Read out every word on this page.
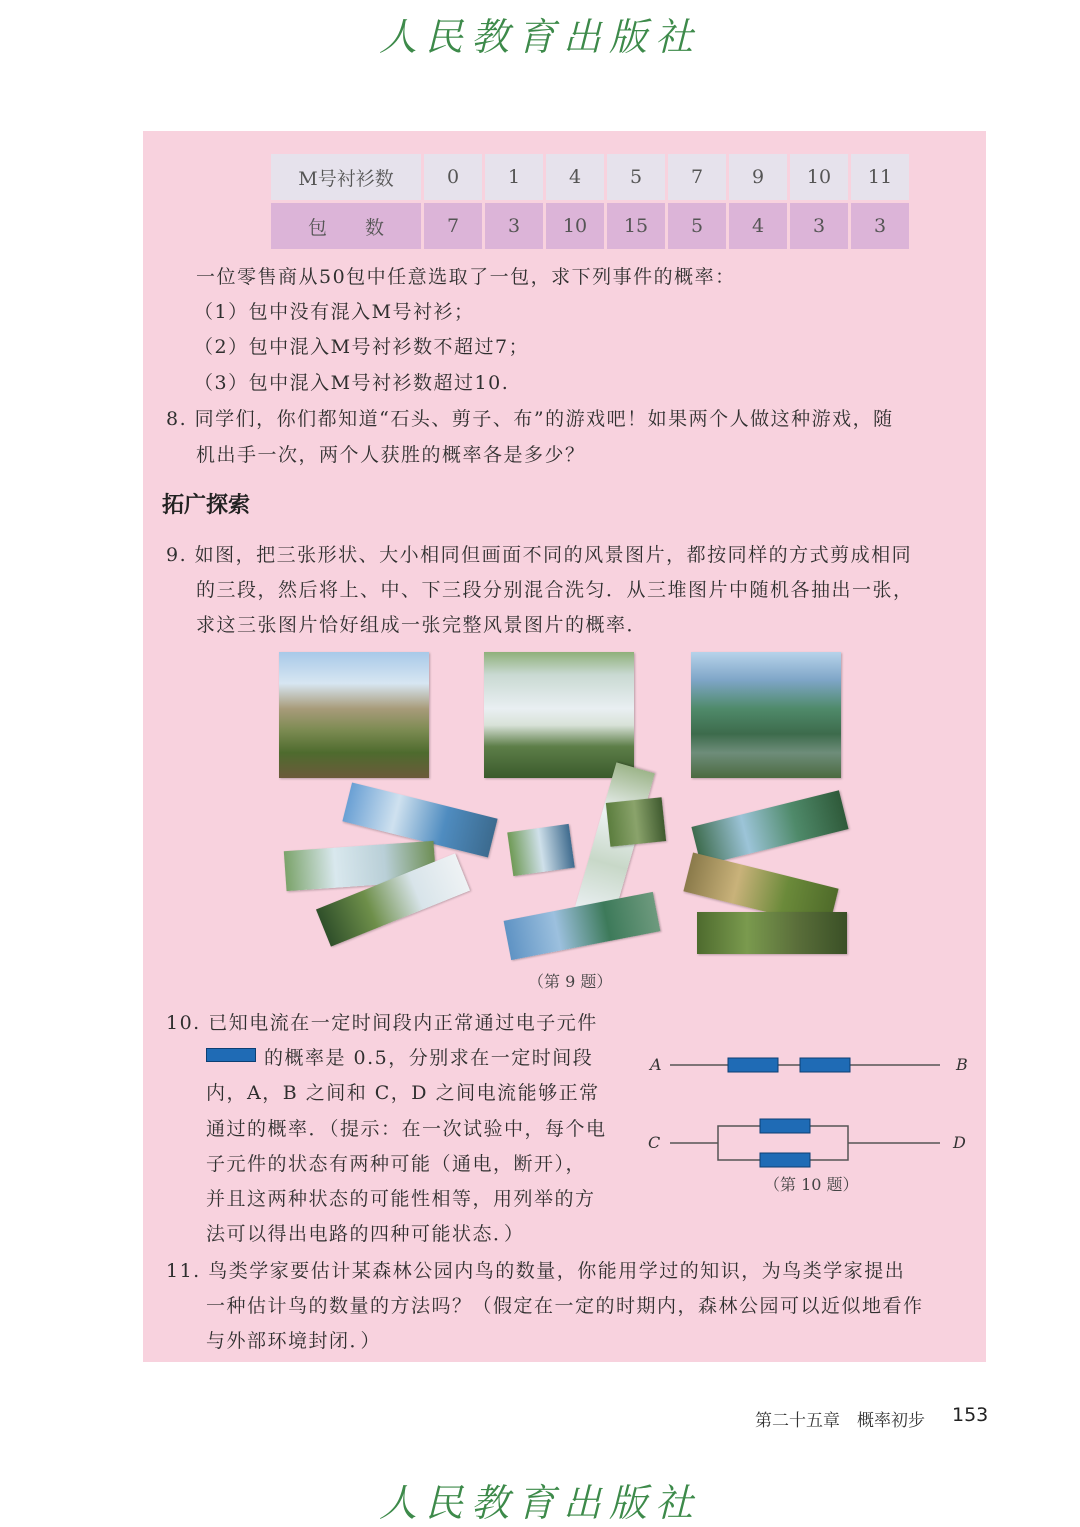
人民教育出版社
M号衬衫数	0	1	4	5	7	9	10	11
包　　数	7	3	10	15	5	4	3	3
一位零售商从50包中任意选取了一包，求下列事件的概率：
（1）包中没有混入M号衬衫；
（2）包中混入M号衬衫数不超过7；
（3）包中混入M号衬衫数超过10.
8. 同学们，你们都知道“石头、剪子、布”的游戏吧！如果两个人做这种游戏，随
机出手一次，两个人获胜的概率各是多少？
拓广探索
9. 如图，把三张形状、大小相同但画面不同的风景图片，都按同样的方式剪成相同
的三段，然后将上、中、下三段分别混合洗匀．从三堆图片中随机各抽出一张，
求这三张图片恰好组成一张完整风景图片的概率．
（第 9 题）
10. 已知电流在一定时间段内正常通过电子元件
的概率是 0.5，分别求在一定时间段
内，A，B 之间和 C，D 之间电流能够正常
通过的概率．（提示：在一次试验中，每个电
子元件的状态有两种可能（通电，断开），
并且这两种状态的可能性相等，用列举的方
法可以得出电路的四种可能状态．）
A	B
C	D
（第 10 题）
11. 鸟类学家要估计某森林公园内鸟的数量，你能用学过的知识，为鸟类学家提出
一种估计鸟的数量的方法吗？（假定在一定的时期内，森林公园可以近似地看作
与外部环境封闭．）
第二十五章　概率初步 153
人民教育出版社
